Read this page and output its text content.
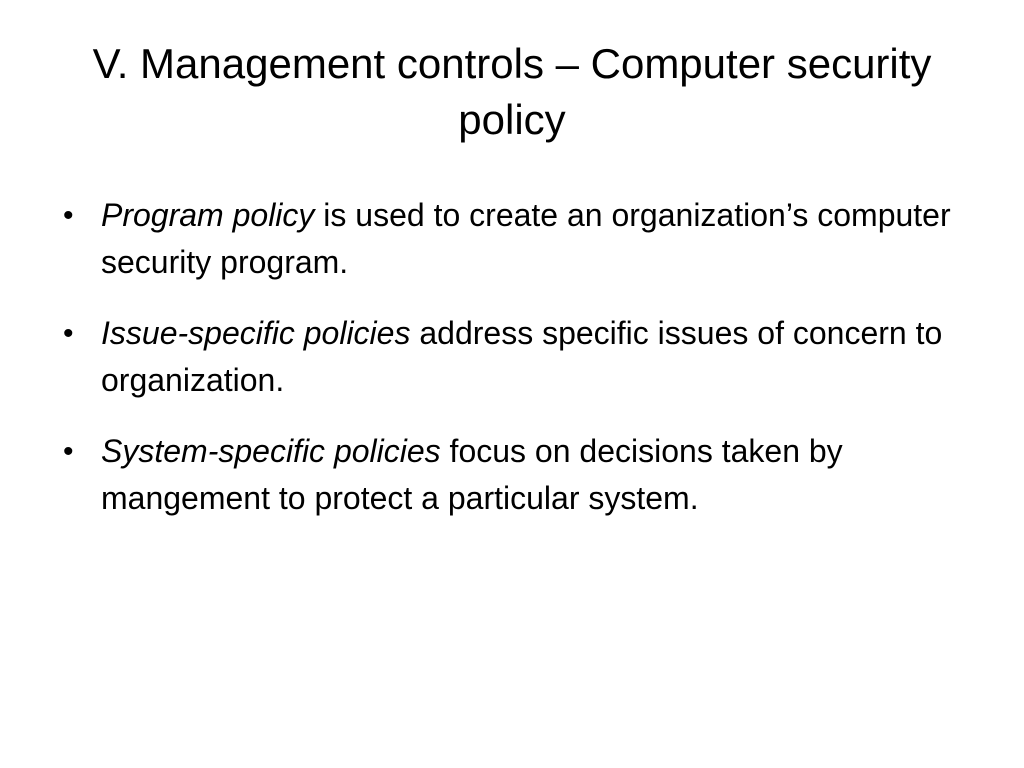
V. Management controls – Computer security policy
• Program policy is used to create an organization’s computer security program.
• Issue-specific policies address specific issues of concern to organization.
• System-specific policies focus on decisions taken by mangement to protect a particular system.
